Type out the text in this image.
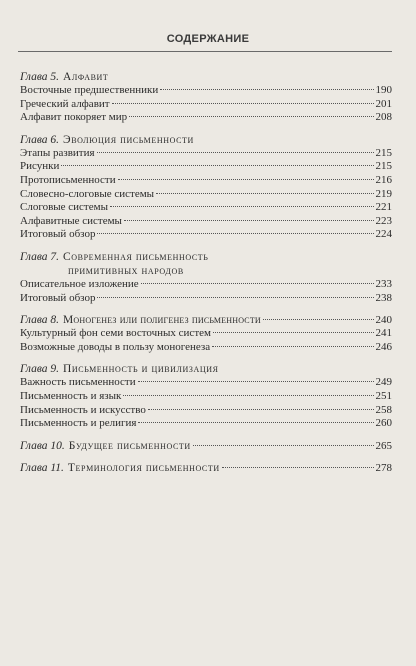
СОДЕРЖАНИЕ
Глава 5. Алфавит
Восточные предшественники	190
Греческий алфавит	201
Алфавит покоряет мир	208
Глава 6. Эволюция письменности
Этапы развития	215
Рисунки	215
Протописьменности	216
Словесно-слоговые системы	219
Слоговые системы	221
Алфавитные системы	223
Итоговый обзор	224
Глава 7. Современная письменность
примитивных народов
Описательное изложение	233
Итоговый обзор	238
Глава 8. Моногенез или полигенез письменности	240
Культурный фон семи восточных систем	241
Возможные доводы в пользу моногенеза	246
Глава 9. Письменность и цивилизация
Важность письменности	249
Письменность и язык	251
Письменность и искусство	258
Письменность и религия	260
Глава 10. Будущее письменности	265
Глава 11. Терминология письменности	278
